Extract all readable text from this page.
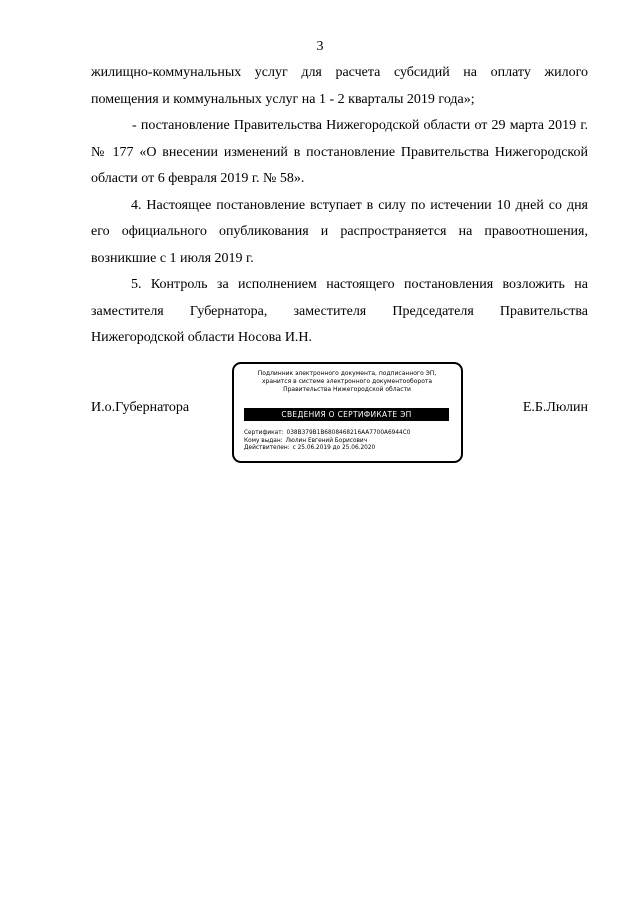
3

жилищно-коммунальных услуг для расчета субсидий на оплату жилого помещения и коммунальных услуг на 1 - 2 кварталы 2019 года»;

- постановление Правительства Нижегородской области от 29 марта 2019 г. № 177 «О внесении изменений в постановление Правительства Нижегородской области от 6 февраля 2019 г. № 58».

4. Настоящее постановление вступает в силу по истечении 10 дней со дня его официального опубликования и распространяется на правоотношения, возникшие с 1 июля 2019 г.

5. Контроль за исполнением настоящего постановления возложить на заместителя Губернатора, заместителя Председателя Правительства Нижегородской области Носова И.Н.

И.о.Губернатора
Подлинник электронного документа, подписанного ЭП,
хранится в системе электронного документооборота
Правительства Нижегородской области
СВЕДЕНИЯ О СЕРТИФИКАТЕ ЭП
Сертификат: 038B379B1B6808468216AA7700A6944C0
Кому выдан: Люлин Евгений Борисович
Действителен: с 25.06.2019 до 25.06.2020
Е.Б.Люлин
